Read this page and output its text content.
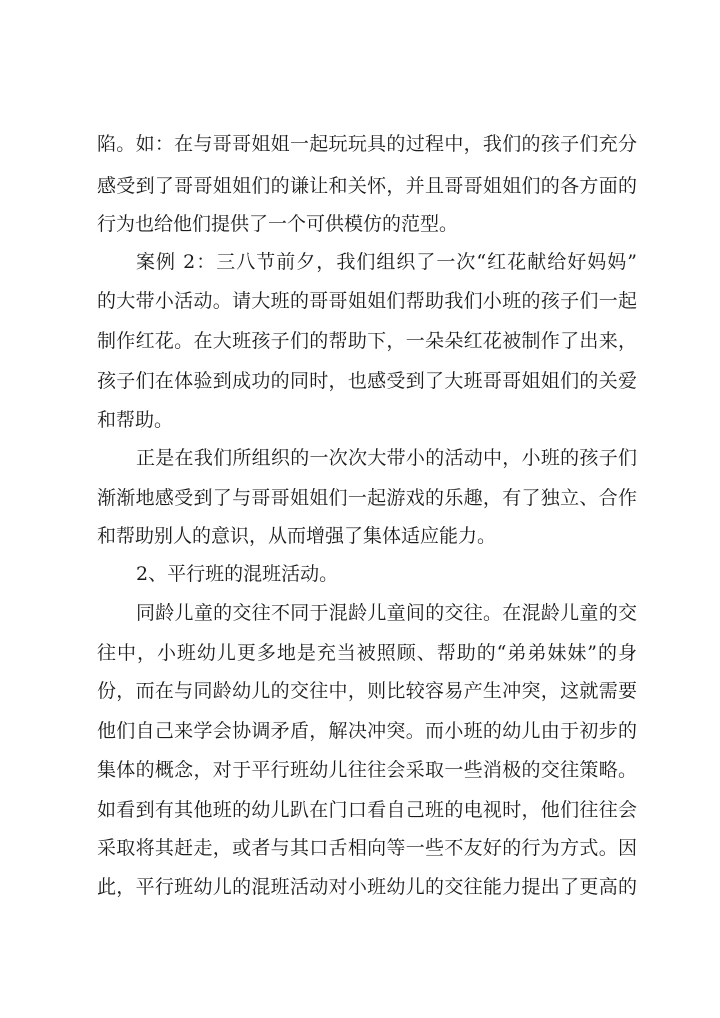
陷。如：在与哥哥姐姐一起玩玩具的过程中，我们的孩子们充分
感受到了哥哥姐姐们的谦让和关怀，并且哥哥姐姐们的各方面的
行为也给他们提供了一个可供模仿的范型。
案例 2：三八节前夕，我们组织了一次“红花献给好妈妈”
的大带小活动。请大班的哥哥姐姐们帮助我们小班的孩子们一起
制作红花。在大班孩子们的帮助下，一朵朵红花被制作了出来，
孩子们在体验到成功的同时，也感受到了大班哥哥姐姐们的关爱
和帮助。
正是在我们所组织的一次次大带小的活动中，小班的孩子们
渐渐地感受到了与哥哥姐姐们一起游戏的乐趣，有了独立、合作
和帮助别人的意识，从而增强了集体适应能力。
2、平行班的混班活动。
同龄儿童的交往不同于混龄儿童间的交往。在混龄儿童的交
往中，小班幼儿更多地是充当被照顾、帮助的“弟弟妹妹”的身
份，而在与同龄幼儿的交往中，则比较容易产生冲突，这就需要
他们自己来学会协调矛盾，解决冲突。而小班的幼儿由于初步的
集体的概念，对于平行班幼儿往往会采取一些消极的交往策略。
如看到有其他班的幼儿趴在门口看自己班的电视时，他们往往会
采取将其赶走，或者与其口舌相向等一些不友好的行为方式。因
此，平行班幼儿的混班活动对小班幼儿的交往能力提出了更高的
